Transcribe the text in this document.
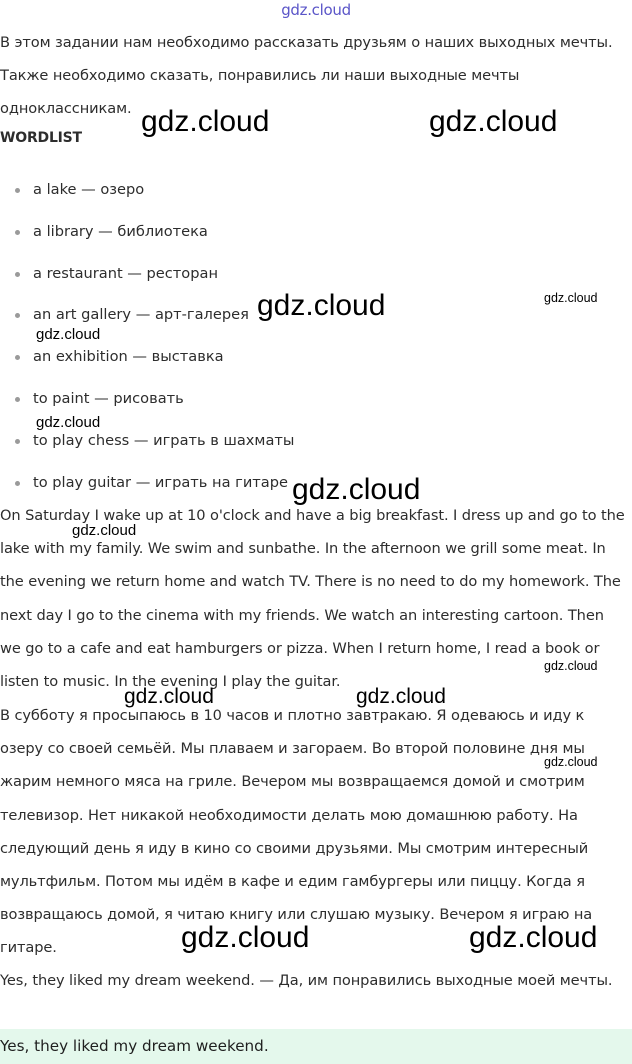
gdz.cloud

В этом задании нам необходимо рассказать друзьям о наших выходных мечты. Также необходимо сказать, понравились ли наши выходные мечты одноклассникам.

WORDLIST
a lake — озеро
a library — библиотека
a restaurant — ресторан
an art gallery — арт-галерея
an exhibition — выставка
to paint — рисовать
to play chess — играть в шахматы
to play guitar — играть на гитаре

On Saturday I wake up at 10 o'clock and have a big breakfast. I dress up and go to the lake with my family. We swim and sunbathe. In the afternoon we grill some meat. In the evening we return home and watch TV. There is no need to do my homework. The next day I go to the cinema with my friends. We watch an interesting cartoon. Then we go to a cafe and eat hamburgers or pizza. When I return home, I read a book or listen to music. In the evening I play the guitar.

В субботу я просыпаюсь в 10 часов и плотно завтракаю. Я одеваюсь и иду к озеру со своей семьёй. Мы плаваем и загораем. Во второй половине дня мы жарим немного мяса на гриле. Вечером мы возвращаемся домой и смотрим телевизор. Нет никакой необходимости делать мою домашнюю работу. На следующий день я иду в кино со своими друзьями. Мы смотрим интересный мультфильм. Потом мы идём в кафе и едим гамбургеры или пиццу. Когда я возвращаюсь домой, я читаю книгу или слушаю музыку. Вечером я играю на гитаре.

Yes, they liked my dream weekend. — Да, им понравились выходные моей мечты.

Yes, they liked my dream weekend.
gdz.cloud	gdz.cloud
gdz.cloud	gdz.cloud
gdz.cloud
gdz.cloud
gdz.cloud
gdz.cloud
gdz.cloud
gdz.cloud	gdz.cloud
gdz.cloud
gdz.cloud	gdz.cloud
